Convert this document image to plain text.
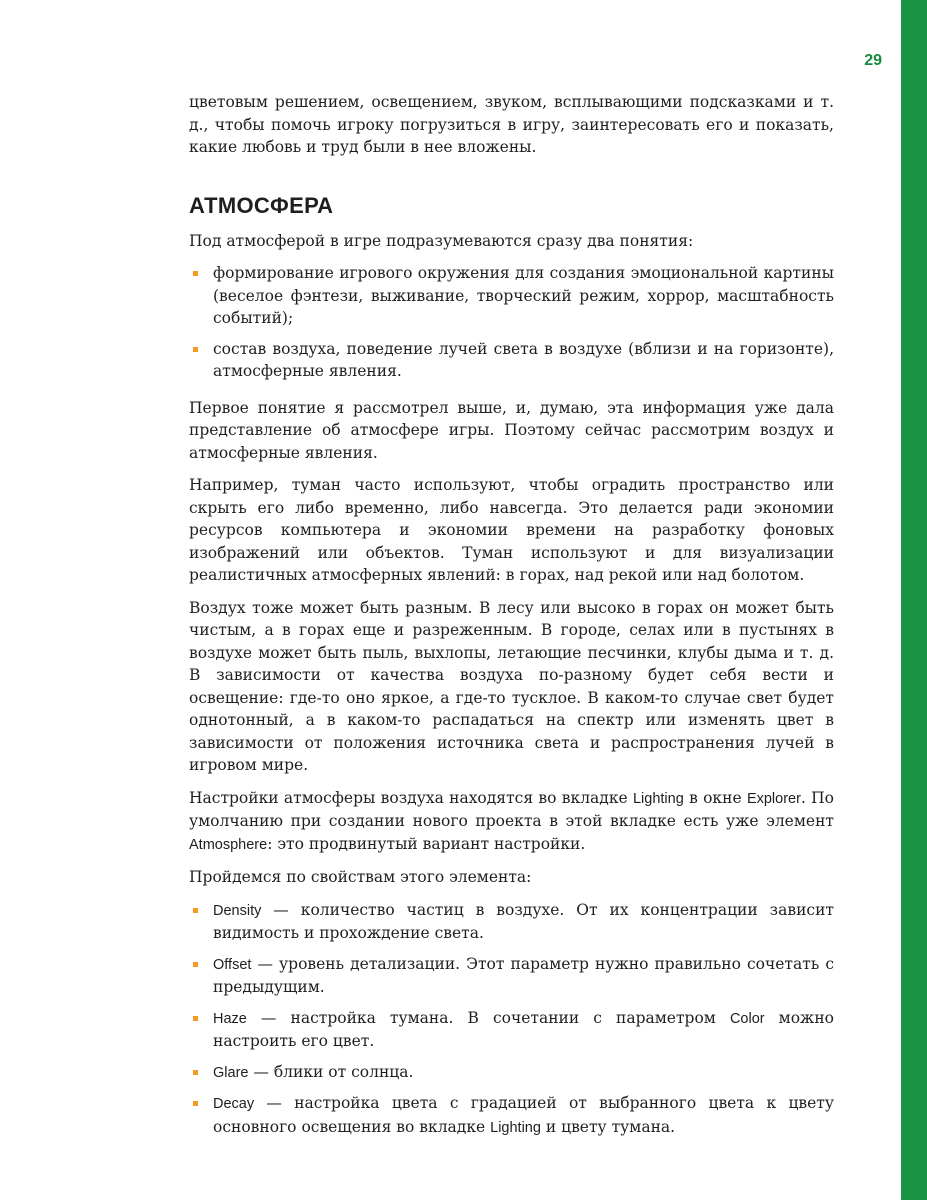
29

цветовым решением, освещением, звуком, всплывающими подсказками и т. д., чтобы помочь игроку погрузиться в игру, заинтересовать его и показать, какие любовь и труд были в нее вложены.

АТМОСФЕРА

Под атмосферой в игре подразумеваются сразу два понятия:

формирование игрового окружения для создания эмоциональной картины (веселое фэнтези, выживание, творческий режим, хоррор, масштабность событий);
состав воздуха, поведение лучей света в воздухе (вблизи и на горизонте), атмосферные явления.

Первое понятие я рассмотрел выше, и, думаю, эта информация уже дала представление об атмосфере игры. Поэтому сейчас рассмотрим воздух и атмосферные явления.

Например, туман часто используют, чтобы оградить пространство или скрыть его либо временно, либо навсегда. Это делается ради экономии ресурсов компьютера и экономии времени на разработку фоновых изображений или объектов. Туман используют и для визуализации реалистичных атмосферных явлений: в горах, над рекой или над болотом.

Воздух тоже может быть разным. В лесу или высоко в горах он может быть чистым, а в горах еще и разреженным. В городе, селах или в пустынях в воздухе может быть пыль, выхлопы, летающие песчинки, клубы дыма и т. д. В зависимости от качества воздуха по-разному будет себя вести и освещение: где-то оно яркое, а где-то тусклое. В каком-то случае свет будет однотонный, а в каком-то распадаться на спектр или изменять цвет в зависимости от положения источника света и распространения лучей в игровом мире.

Настройки атмосферы воздуха находятся во вкладке Lighting в окне Explorer. По умолчанию при создании нового проекта в этой вкладке есть уже элемент Atmosphere: это продвинутый вариант настройки.

Пройдемся по свойствам этого элемента:

Density — количество частиц в воздухе. От их концентрации зависит видимость и прохождение света.
Offset — уровень детализации. Этот параметр нужно правильно сочетать с предыдущим.
Haze — настройка тумана. В сочетании с параметром Color можно настроить его цвет.
Glare — блики от солнца.
Decay — настройка цвета с градацией от выбранного цвета к цвету основного освещения во вкладке Lighting и цвету тумана.
